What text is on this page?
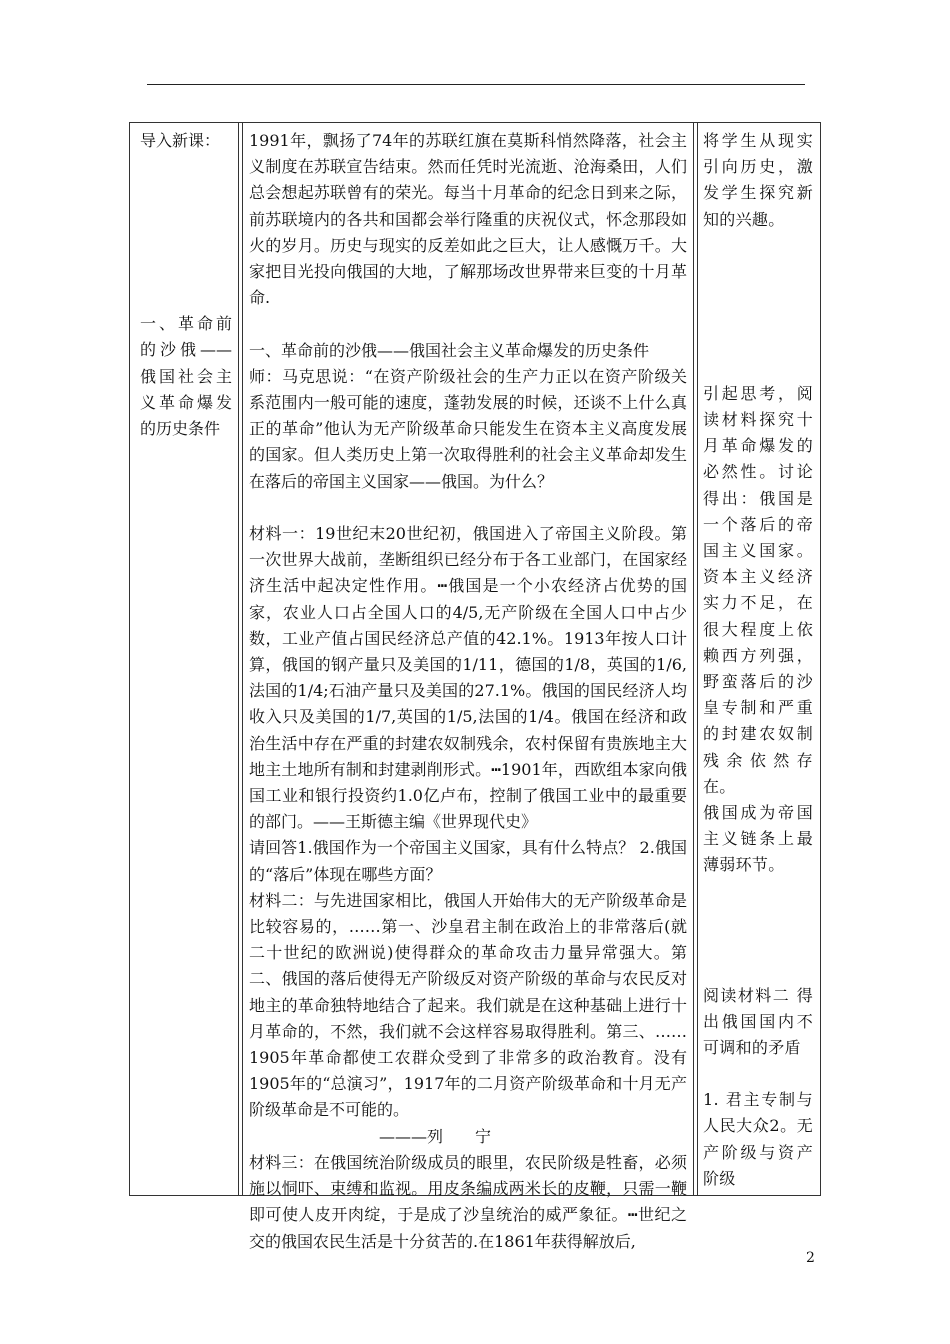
导入新课：

一、革命前的沙俄——俄国社会主义革命爆发的历史条件

1991年，飘扬了74年的苏联红旗在莫斯科悄然降落，社会主义制度在苏联宣告结束。然而任凭时光流逝、沧海桑田，人们总会想起苏联曾有的荣光。每当十月革命的纪念日到来之际，前苏联境内的各共和国都会举行隆重的庆祝仪式，怀念那段如火的岁月。历史与现实的反差如此之巨大，让人感慨万千。大家把目光投向俄国的大地，了解那场改世界带来巨变的十月革命.

一、革命前的沙俄——俄国社会主义革命爆发的历史条件

师：马克思说：“在资产阶级社会的生产力正以在资产阶级关系范围内一般可能的速度，蓬勃发展的时候，还谈不上什么真正的革命”他认为无产阶级革命只能发生在资本主义高度发展的国家。但人类历史上第一次取得胜利的社会主义革命却发生在落后的帝国主义国家——俄国。为什么？

材料一：19世纪末20世纪初，俄国进入了帝国主义阶段。第一次世界大战前，垄断组织已经分布于各工业部门，在国家经济生活中起决定性作用。┅俄国是一个小农经济占优势的国家，农业人口占全国人口的4/5,无产阶级在全国人口中占少数，工业产值占国民经济总产值的42.1%。1913年按人口计算，俄国的钢产量只及美国的1/11，德国的1/8，英国的1/6,法国的1/4;石油产量只及美国的27.1%。俄国的国民经济人均收入只及美国的1/7,英国的1/5,法国的1/4。俄国在经济和政治生活中存在严重的封建农奴制残余，农村保留有贵族地主大地主土地所有制和封建剥削形式。┅1901年，西欧组本家向俄国工业和银行投资约1.0亿卢布，控制了俄国工业中的最重要的部门。——王斯德主编《世界现代史》

请回答1.俄国作为一个帝国主义国家，具有什么特点？ 2.俄国的“落后”体现在哪些方面？

材料二：与先进国家相比，俄国人开始伟大的无产阶级革命是比较容易的，……第一、沙皇君主制在政治上的非常落后(就二十世纪的欧洲说)使得群众的革命攻击力量异常强大。第二、俄国的落后使得无产阶级反对资产阶级的革命与农民反对地主的革命独特地结合了起来。我们就是在这种基础上进行十月革命的，不然，我们就不会这样容易取得胜利。第三、……1905年革命都使工农群众受到了非常多的政治教育。没有1905年的“总演习”，1917年的二月资产阶级革命和十月无产阶级革命是不可能的。

———列　　宁

材料三：在俄国统治阶级成员的眼里，农民阶级是牲畜，必须施以恫吓、束缚和监视。用皮条编成两米长的皮鞭，只需一鞭即可使人皮开肉绽，于是成了沙皇统治的威严象征。┅世纪之交的俄国农民生活是十分贫苦的.在1861年获得解放后,

将学生从现实引向历史，激发学生探究新知的兴趣。

引起思考，阅读材料探究十月革命爆发的必然性。讨论得出：俄国是一个落后的帝国主义国家。资本主义经济实力不足，在很大程度上依赖西方列强，野蛮落后的沙皇专制和严重的封建农奴制残余依然存在。

俄国成为帝国主义链条上最薄弱环节。

阅读材料二 得出俄国国内不可调和的矛盾

1. 君主专制与人民大众2。无产阶级与资产阶级

2
